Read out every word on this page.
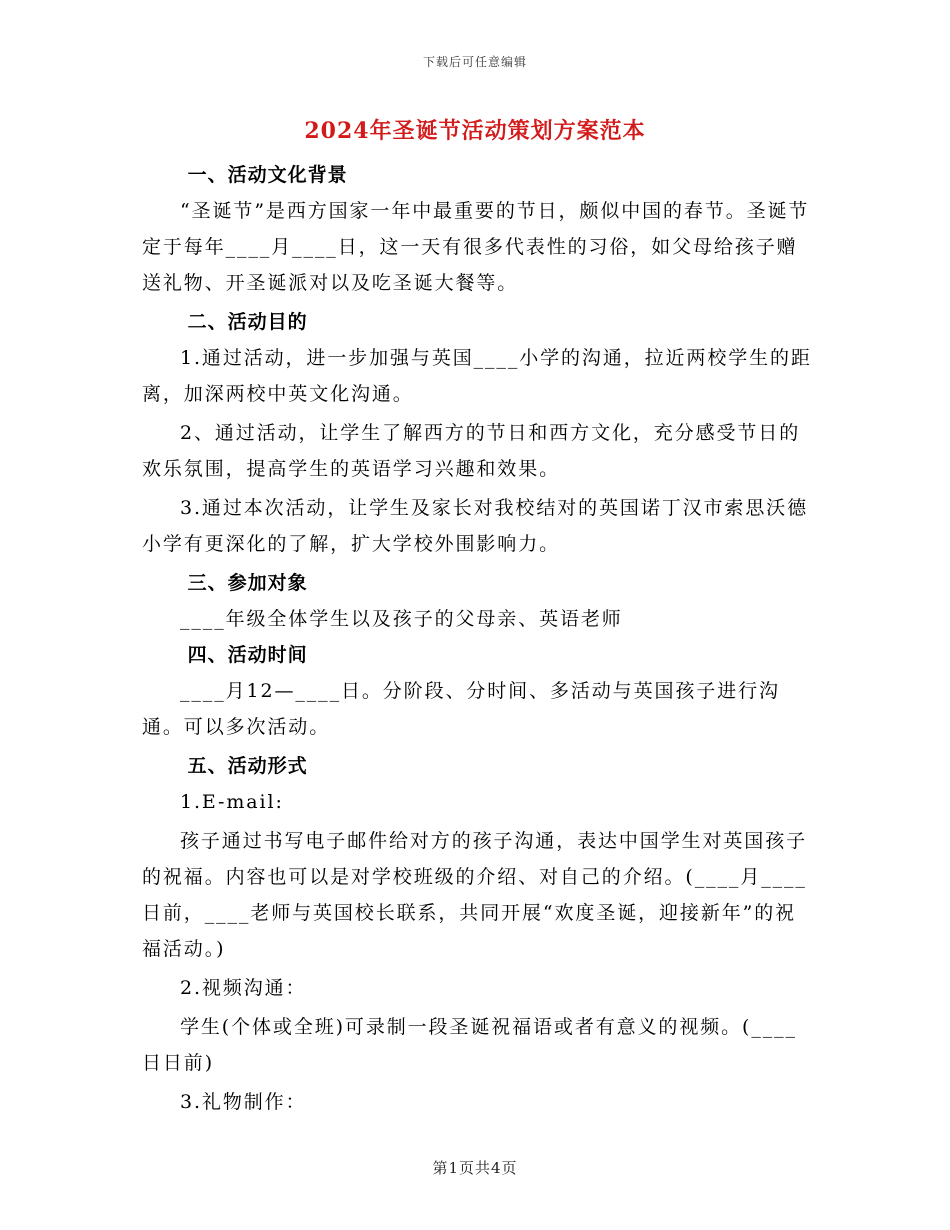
下载后可任意编辑
2024年圣诞节活动策划方案范本

一、活动文化背景

“圣诞节”是西方国家一年中最重要的节日，颇似中国的春节。圣诞节定于每年____月____日，这一天有很多代表性的习俗，如父母给孩子赠送礼物、开圣诞派对以及吃圣诞大餐等。

二、活动目的

1.通过活动，进一步加强与英国____小学的沟通，拉近两校学生的距离，加深两校中英文化沟通。

2、通过活动，让学生了解西方的节日和西方文化，充分感受节日的欢乐氛围，提高学生的英语学习兴趣和效果。

3.通过本次活动，让学生及家长对我校结对的英国诺丁汉市索思沃德小学有更深化的了解，扩大学校外围影响力。

三、参加对象

____年级全体学生以及孩子的父母亲、英语老师

四、活动时间

____月12—____日。分阶段、分时间、多活动与英国孩子进行沟通。可以多次活动。

五、活动形式

1.E-mail:

孩子通过书写电子邮件给对方的孩子沟通，表达中国学生对英国孩子的祝福。内容也可以是对学校班级的介绍、对自己的介绍。(____月____日前，____老师与英国校长联系，共同开展“欢度圣诞，迎接新年”的祝福活动。)

2.视频沟通：

学生(个体或全班)可录制一段圣诞祝福语或者有意义的视频。(____日日前)

3.礼物制作：

第1页共4页
